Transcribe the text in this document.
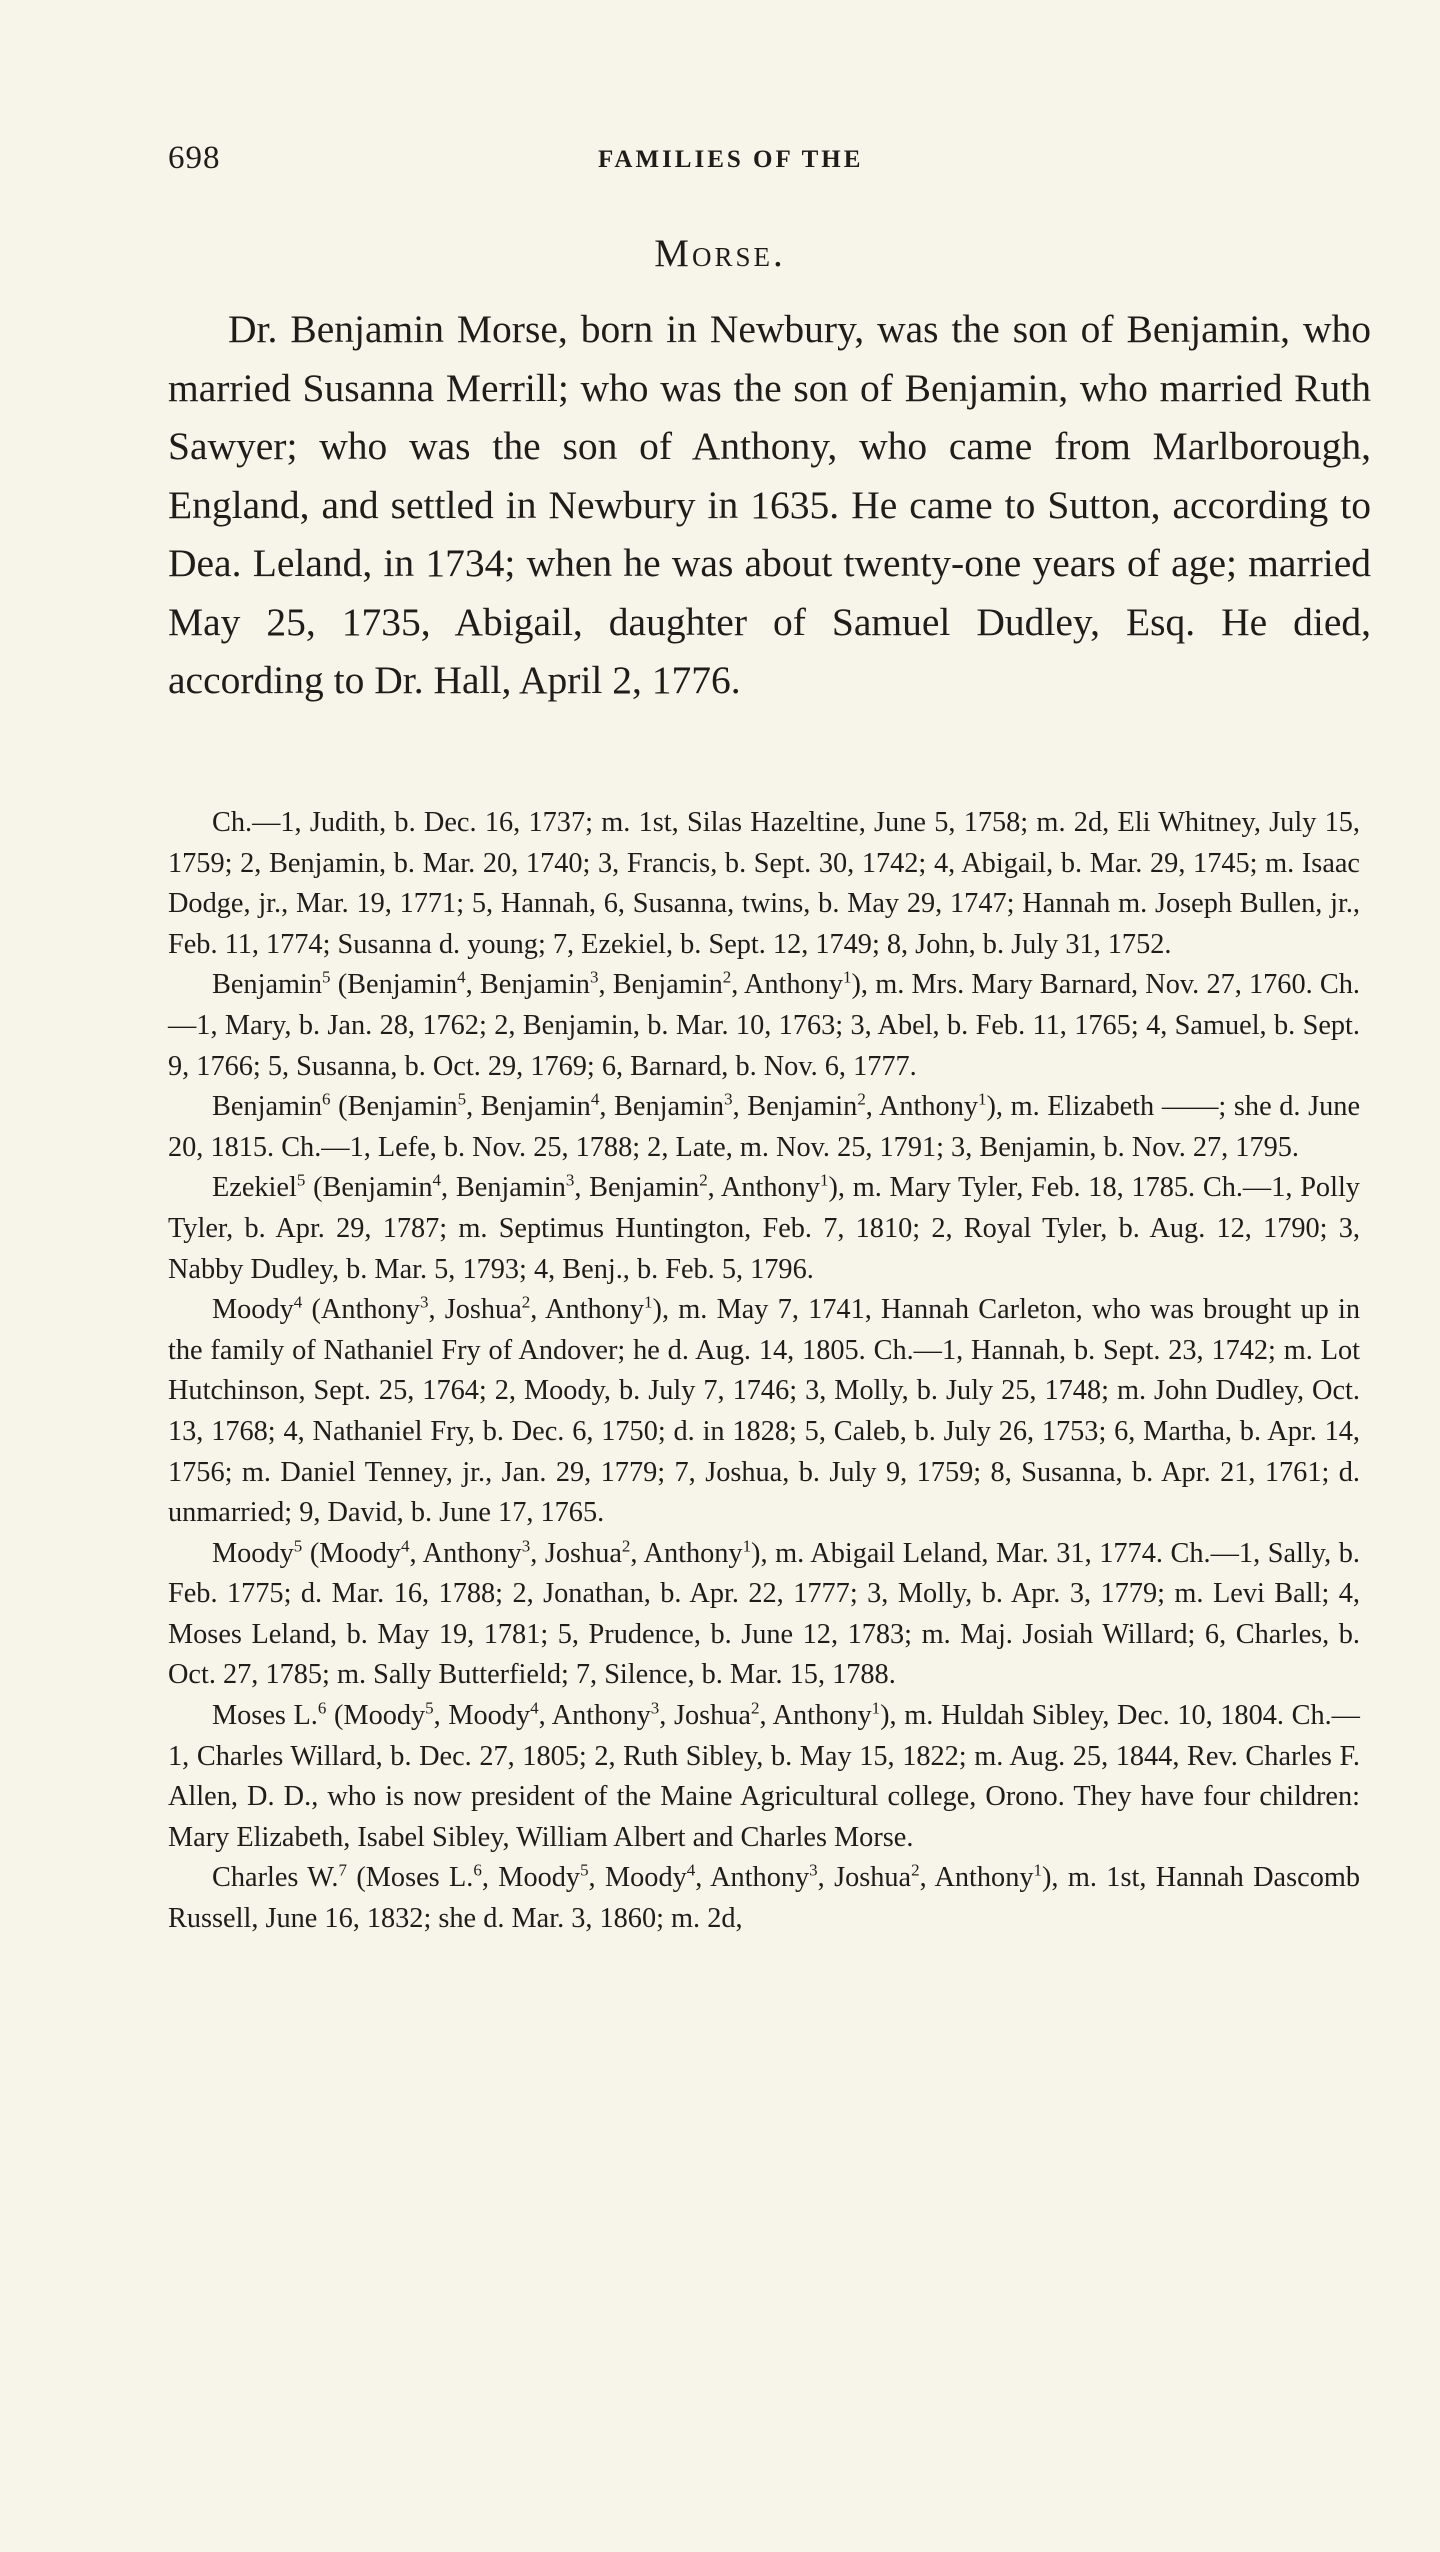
698	FAMILIES OF THE
Morse.

Dr. Benjamin Morse, born in Newbury, was the son of Benjamin, who married Susanna Merrill; who was the son of Benjamin, who married Ruth Sawyer; who was the son of Anthony, who came from Marlborough, England, and settled in Newbury in 1635. He came to Sutton, according to Dea. Leland, in 1734; when he was about twenty-one years of age; married May 25, 1735, Abigail, daughter of Samuel Dudley, Esq. He died, according to Dr. Hall, April 2, 1776.

Ch.—1, Judith, b. Dec. 16, 1737; m. 1st, Silas Hazeltine, June 5, 1758; m. 2d, Eli Whitney, July 15, 1759; 2, Benjamin, b. Mar. 20, 1740; 3, Francis, b. Sept. 30, 1742; 4, Abigail, b. Mar. 29, 1745; m. Isaac Dodge, jr., Mar. 19, 1771; 5, Hannah, 6, Susanna, twins, b. May 29, 1747; Hannah m. Joseph Bullen, jr., Feb. 11, 1774; Susanna d. young; 7, Ezekiel, b. Sept. 12, 1749; 8, John, b. July 31, 1752.

Benjamin$^5$ (Benjamin$^4$, Benjamin$^3$, Benjamin$^2$, Anthony$^1$), m. Mrs. Mary Barnard, Nov. 27, 1760. Ch.—1, Mary, b. Jan. 28, 1762; 2, Benjamin, b. Mar. 10, 1763; 3, Abel, b. Feb. 11, 1765; 4, Samuel, b. Sept. 9, 1766; 5, Susanna, b. Oct. 29, 1769; 6, Barnard, b. Nov. 6, 1777.

Benjamin$^6$ (Benjamin$^5$, Benjamin$^4$, Benjamin$^3$, Benjamin$^2$, Anthony$^1$), m. Elizabeth ——; she d. June 20, 1815. Ch.—1, Lefe, b. Nov. 25, 1788; 2, Late, m. Nov. 25, 1791; 3, Benjamin, b. Nov. 27, 1795.

Ezekiel$^5$ (Benjamin$^4$, Benjamin$^3$, Benjamin$^2$, Anthony$^1$), m. Mary Tyler, Feb. 18, 1785. Ch.—1, Polly Tyler, b. Apr. 29, 1787; m. Septimus Huntington, Feb. 7, 1810; 2, Royal Tyler, b. Aug. 12, 1790; 3, Nabby Dudley, b. Mar. 5, 1793; 4, Benj., b. Feb. 5, 1796.

Moody$^4$ (Anthony$^3$, Joshua$^2$, Anthony$^1$), m. May 7, 1741, Hannah Carleton, who was brought up in the family of Nathaniel Fry of Andover; he d. Aug. 14, 1805. Ch.—1, Hannah, b. Sept. 23, 1742; m. Lot Hutchinson, Sept. 25, 1764; 2, Moody, b. July 7, 1746; 3, Molly, b. July 25, 1748; m. John Dudley, Oct. 13, 1768; 4, Nathaniel Fry, b. Dec. 6, 1750; d. in 1828; 5, Caleb, b. July 26, 1753; 6, Martha, b. Apr. 14, 1756; m. Daniel Tenney, jr., Jan. 29, 1779; 7, Joshua, b. July 9, 1759; 8, Susanna, b. Apr. 21, 1761; d. unmarried; 9, David, b. June 17, 1765.

Moody$^5$ (Moody$^4$, Anthony$^3$, Joshua$^2$, Anthony$^1$), m. Abigail Leland, Mar. 31, 1774. Ch.—1, Sally, b. Feb. 1775; d. Mar. 16, 1788; 2, Jonathan, b. Apr. 22, 1777; 3, Molly, b. Apr. 3, 1779; m. Levi Ball; 4, Moses Leland, b. May 19, 1781; 5, Prudence, b. June 12, 1783; m. Maj. Josiah Willard; 6, Charles, b. Oct. 27, 1785; m. Sally Butterfield; 7, Silence, b. Mar. 15, 1788.

Moses L.$^6$ (Moody$^5$, Moody$^4$, Anthony$^3$, Joshua$^2$, Anthony$^1$), m. Huldah Sibley, Dec. 10, 1804. Ch.—1, Charles Willard, b. Dec. 27, 1805; 2, Ruth Sibley, b. May 15, 1822; m. Aug. 25, 1844, Rev. Charles F. Allen, D. D., who is now president of the Maine Agricultural college, Orono. They have four children: Mary Elizabeth, Isabel Sibley, William Albert and Charles Morse.

Charles W.$^7$ (Moses L.$^6$, Moody$^5$, Moody$^4$, Anthony$^3$, Joshua$^2$, Anthony$^1$), m. 1st, Hannah Dascomb Russell, June 16, 1832; she d. Mar. 3, 1860; m. 2d,
